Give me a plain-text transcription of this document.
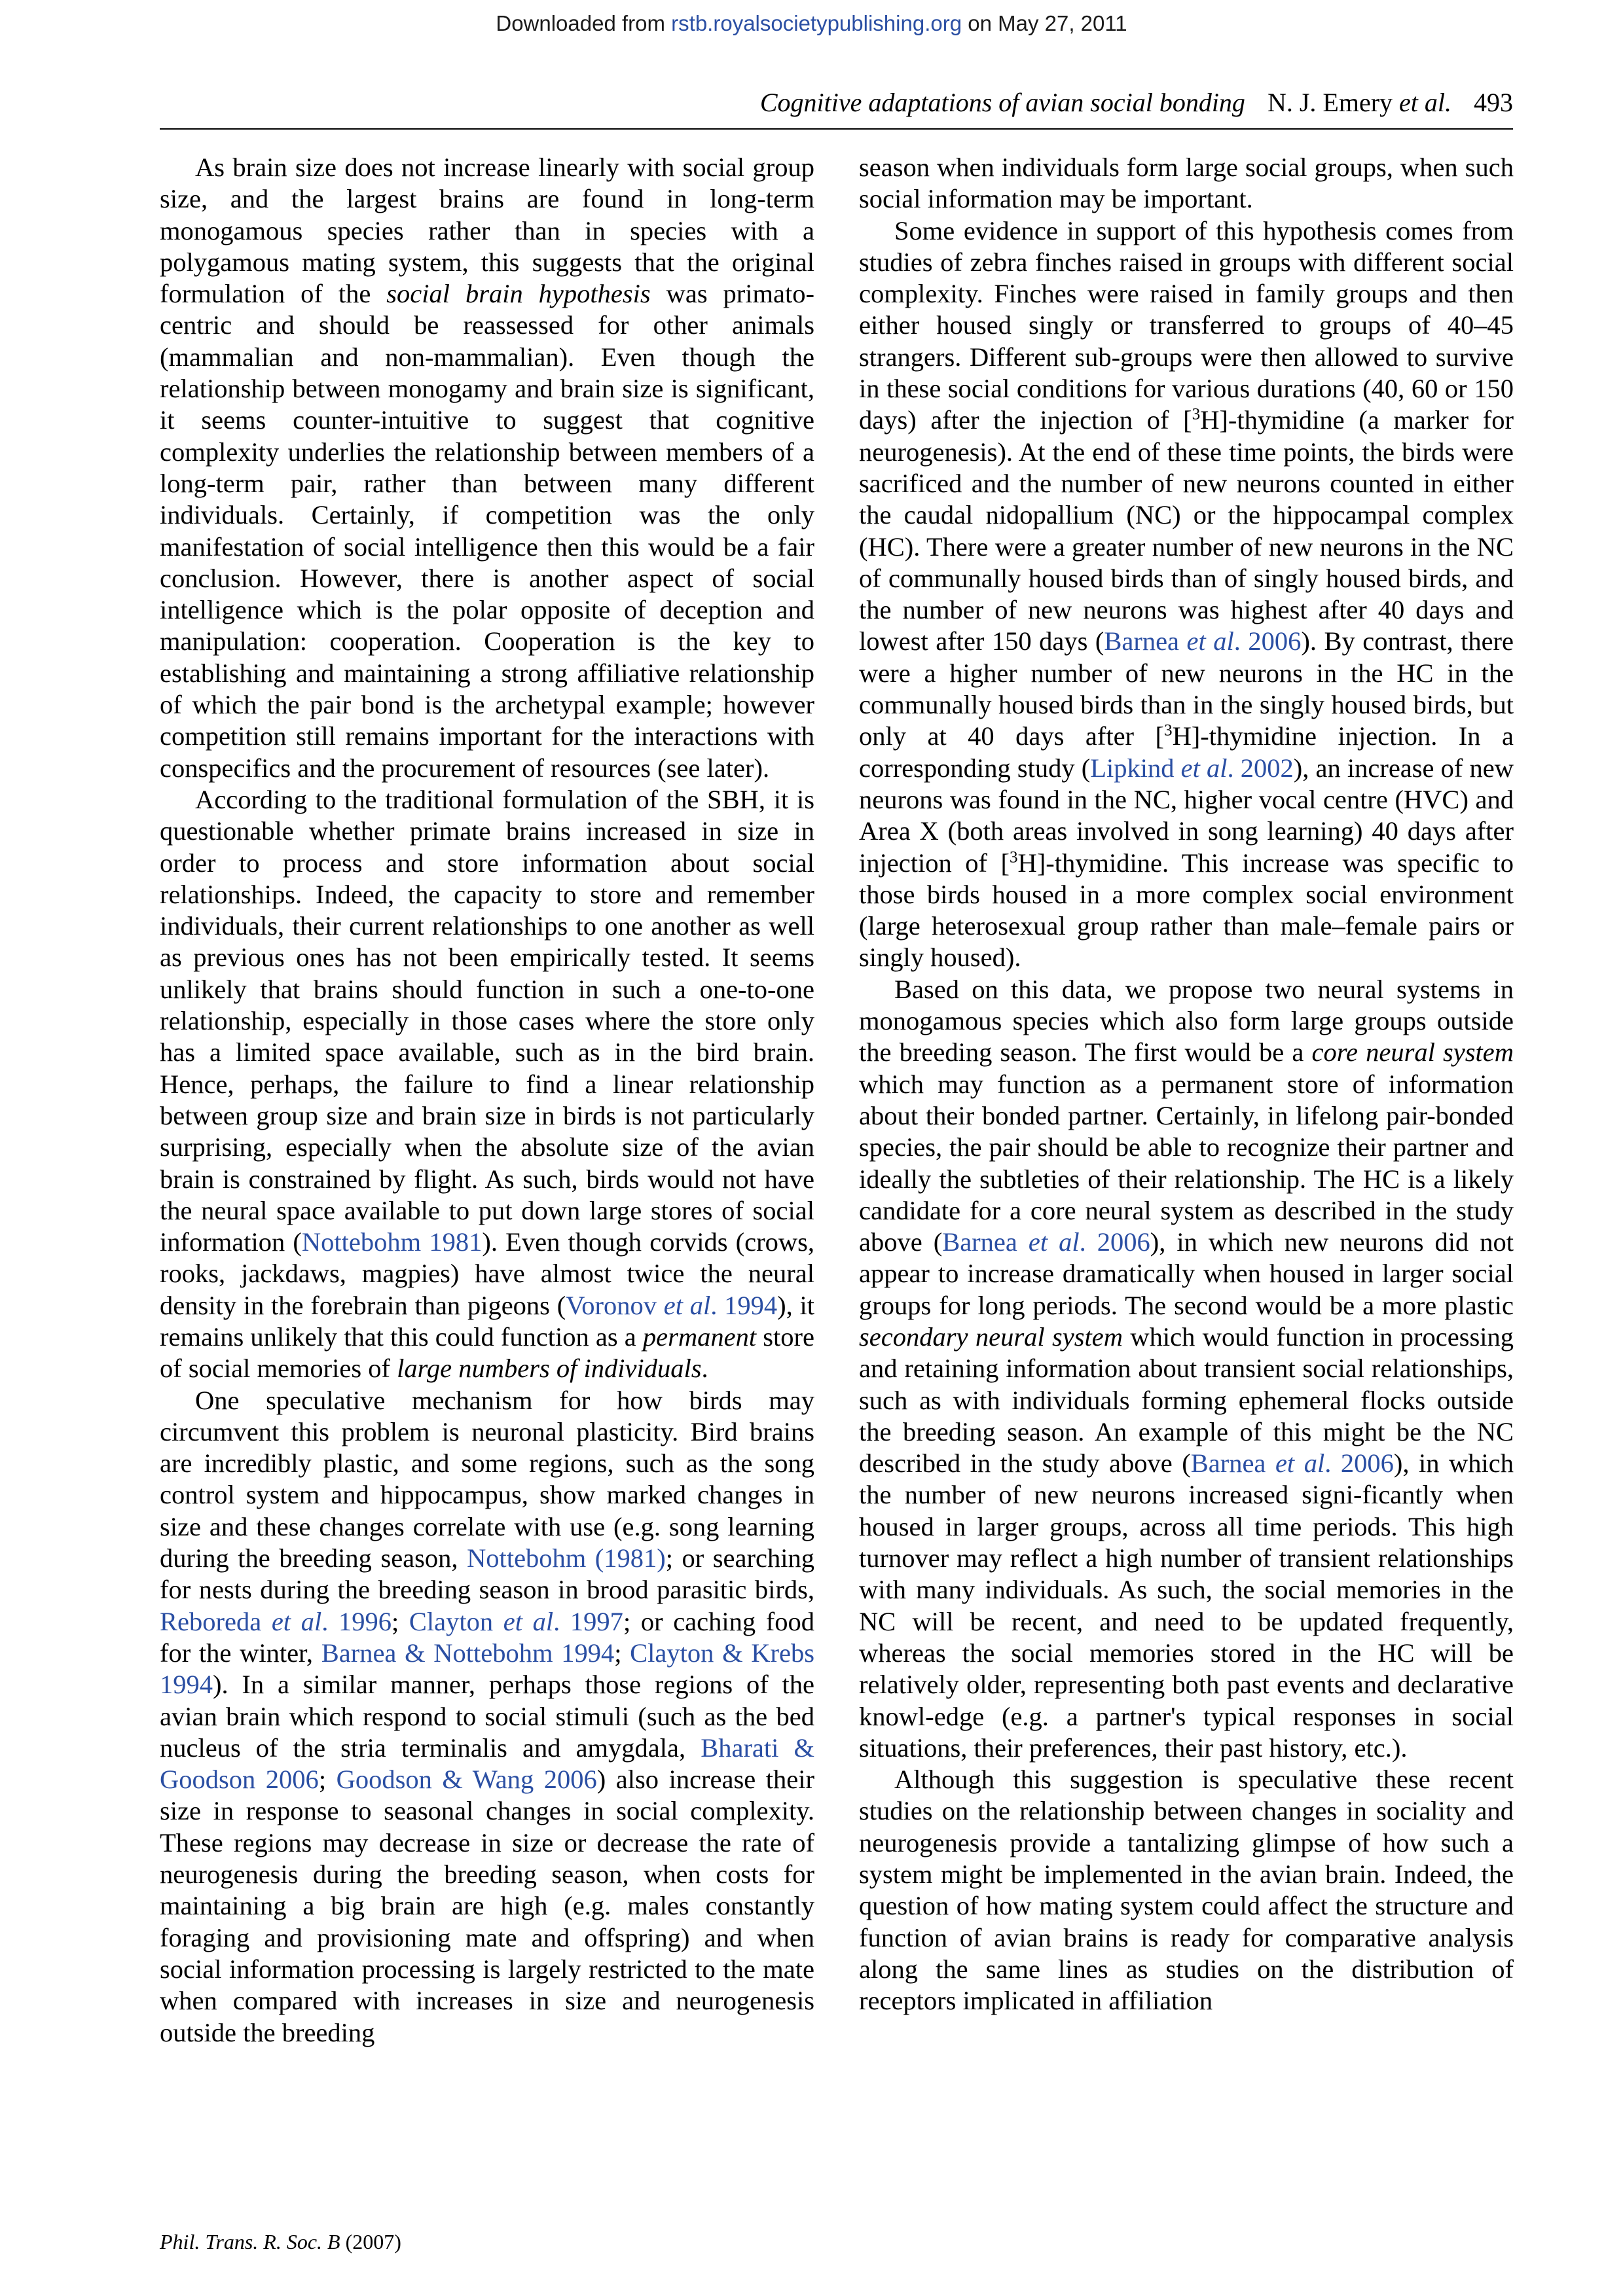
Downloaded from rstb.royalsocietypublishing.org on May 27, 2011
Cognitive adaptations of avian social bonding N. J. Emery et al. 493

As brain size does not increase linearly with social group size, and the largest brains are found in long-term monogamous species rather than in species with a polygamous mating system, this suggests that the original formulation of the social brain hypothesis was primato-centric and should be reassessed for other animals (mammalian and non-mammalian). Even though the relationship between monogamy and brain size is significant, it seems counter-intuitive to suggest that cognitive complexity underlies the relationship between members of a long-term pair, rather than between many different individuals. Certainly, if competition was the only manifestation of social intelligence then this would be a fair conclusion. However, there is another aspect of social intelligence which is the polar opposite of deception and manipulation: cooperation. Cooperation is the key to establishing and maintaining a strong affiliative relationship of which the pair bond is the archetypal example; however competition still remains important for the interactions with conspecifics and the procurement of resources (see later).

According to the traditional formulation of the SBH, it is questionable whether primate brains increased in size in order to process and store information about social relationships. Indeed, the capacity to store and remember individuals, their current relationships to one another as well as previous ones has not been empirically tested. It seems unlikely that brains should function in such a one-to-one relationship, especially in those cases where the store only has a limited space available, such as in the bird brain. Hence, perhaps, the failure to find a linear relationship between group size and brain size in birds is not particularly surprising, especially when the absolute size of the avian brain is constrained by flight. As such, birds would not have the neural space available to put down large stores of social information (Nottebohm 1981). Even though corvids (crows, rooks, jackdaws, magpies) have almost twice the neural density in the forebrain than pigeons (Voronov et al. 1994), it remains unlikely that this could function as a permanent store of social memories of large numbers of individuals.

One speculative mechanism for how birds may circumvent this problem is neuronal plasticity. Bird brains are incredibly plastic, and some regions, such as the song control system and hippocampus, show marked changes in size and these changes correlate with use (e.g. song learning during the breeding season, Nottebohm (1981); or searching for nests during the breeding season in brood parasitic birds, Reboreda et al. 1996; Clayton et al. 1997; or caching food for the winter, Barnea & Nottebohm 1994; Clayton & Krebs 1994). In a similar manner, perhaps those regions of the avian brain which respond to social stimuli (such as the bed nucleus of the stria terminalis and amygdala, Bharati & Goodson 2006; Goodson & Wang 2006) also increase their size in response to seasonal changes in social complexity. These regions may decrease in size or decrease the rate of neurogenesis during the breeding season, when costs for maintaining a big brain are high (e.g. males constantly foraging and provisioning mate and offspring) and when social information processing is largely restricted to the mate when compared with increases in size and neurogenesis outside the breeding

season when individuals form large social groups, when such social information may be important.

Some evidence in support of this hypothesis comes from studies of zebra finches raised in groups with different social complexity. Finches were raised in family groups and then either housed singly or transferred to groups of 40–45 strangers. Different sub-groups were then allowed to survive in these social conditions for various durations (40, 60 or 150 days) after the injection of [$^3$H]-thymidine (a marker for neurogenesis). At the end of these time points, the birds were sacrificed and the number of new neurons counted in either the caudal nidopallium (NC) or the hippocampal complex (HC). There were a greater number of new neurons in the NC of communally housed birds than of singly housed birds, and the number of new neurons was highest after 40 days and lowest after 150 days (Barnea et al. 2006). By contrast, there were a higher number of new neurons in the HC in the communally housed birds than in the singly housed birds, but only at 40 days after [$^3$H]-thymidine injection. In a corresponding study (Lipkind et al. 2002), an increase of new neurons was found in the NC, higher vocal centre (HVC) and Area X (both areas involved in song learning) 40 days after injection of [$^3$H]-thymidine. This increase was specific to those birds housed in a more complex social environment (large heterosexual group rather than male–female pairs or singly housed).

Based on this data, we propose two neural systems in monogamous species which also form large groups outside the breeding season. The first would be a core neural system which may function as a permanent store of information about their bonded partner. Certainly, in lifelong pair-bonded species, the pair should be able to recognize their partner and ideally the subtleties of their relationship. The HC is a likely candidate for a core neural system as described in the study above (Barnea et al. 2006), in which new neurons did not appear to increase dramatically when housed in larger social groups for long periods. The second would be a more plastic secondary neural system which would function in processing and retaining information about transient social relationships, such as with individuals forming ephemeral flocks outside the breeding season. An example of this might be the NC described in the study above (Barnea et al. 2006), in which the number of new neurons increased signi-ficantly when housed in larger groups, across all time periods. This high turnover may reflect a high number of transient relationships with many individuals. As such, the social memories in the NC will be recent, and need to be updated frequently, whereas the social memories stored in the HC will be relatively older, representing both past events and declarative knowl-edge (e.g. a partner's typical responses in social situations, their preferences, their past history, etc.).

Although this suggestion is speculative these recent studies on the relationship between changes in sociality and neurogenesis provide a tantalizing glimpse of how such a system might be implemented in the avian brain. Indeed, the question of how mating system could affect the structure and function of avian brains is ready for comparative analysis along the same lines as studies on the distribution of receptors implicated in affiliation

Phil. Trans. R. Soc. B (2007)
